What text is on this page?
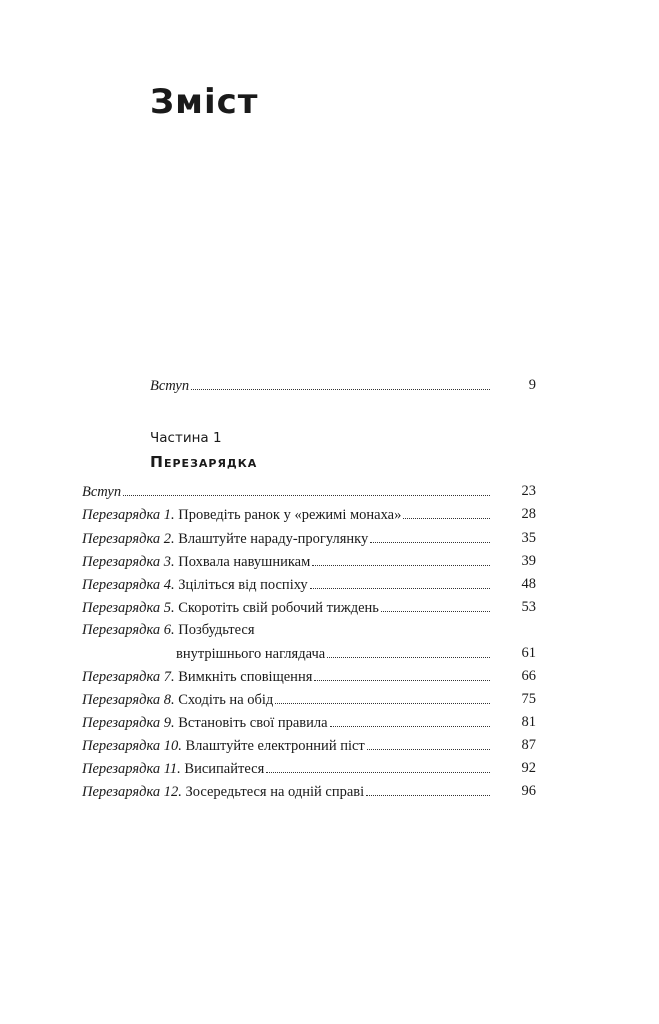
Зміст
Вступ	9

Частина 1

Перезарядка

Вступ	23
Перезарядка 1. Проведіть ранок у «режимі монаха»	28
Перезарядка 2. Влаштуйте нараду-прогулянку	35
Перезарядка 3. Похвала навушникам	39
Перезарядка 4. Зціліться від поспіху	48
Перезарядка 5. Скоротіть свій робочий тиждень	53
Перезарядка 6. Позбудьтеся
внутрішнього наглядача	61
Перезарядка 7. Вимкніть сповіщення	66
Перезарядка 8. Сходіть на обід	75
Перезарядка 9. Встановіть свої правила	81
Перезарядка 10. Влаштуйте електронний піст	87
Перезарядка 11. Висипайтеся	92
Перезарядка 12. Зосередьтеся на одній справі	96
